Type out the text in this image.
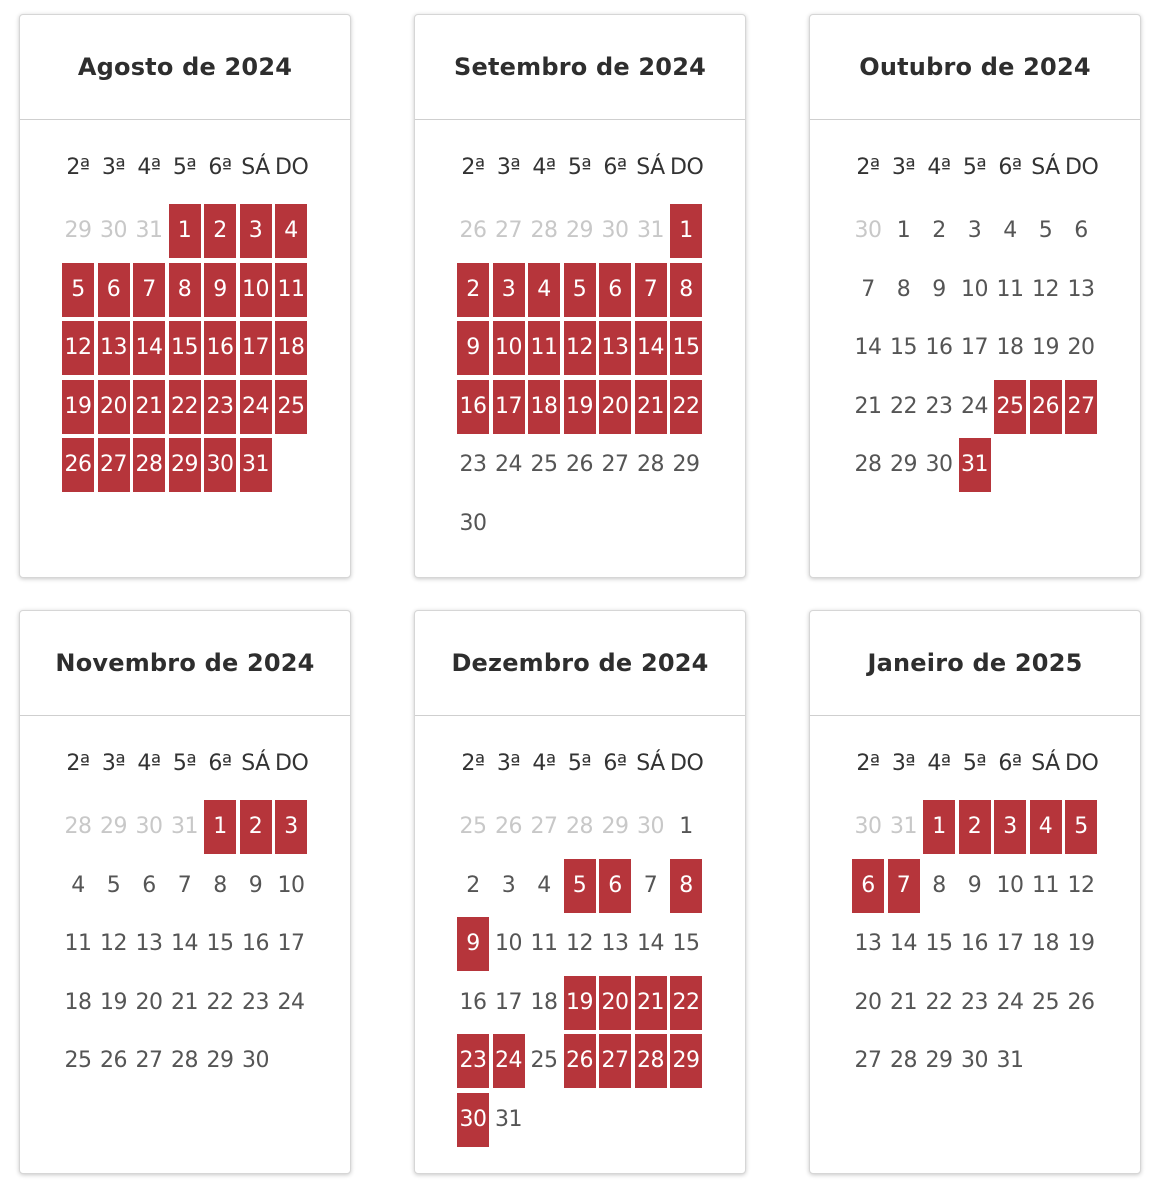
Agosto de 2024
2ª 3ª 4ª 5ª 6ª SÁ DO
29 30 31 1	2	3	4
5	6	7	8	9 10 11
12 13 14 15 16 17 18
19 20 21 22 23 24 25
26 27 28 29 30 31
Setembro de 2024
2ª 3ª 4ª 5ª 6ª SÁ DO
26 27 28 29 30 31 1
2	3	4	5	6	7	8
9 10 11 12 13 14 15
16 17 18 19 20 21 22
23 24 25 26 27 28 29
30
Outubro de 2024
2ª 3ª 4ª 5ª 6ª SÁ DO
30 1	2	3	4	5	6
7	8	9 10 11 12 13
14 15 16 17 18 19 20
21 22 23 24 25 26 27
28 29 30 31
Novembro de 2024
2ª 3ª 4ª 5ª 6ª SÁ DO
28 29 30 31 1	2	3
4	5	6	7	8	9 10
11 12 13 14 15 16 17
18 19 20 21 22 23 24
25 26 27 28 29 30
Dezembro de 2024
2ª 3ª 4ª 5ª 6ª SÁ DO
25 26 27 28 29 30 1
2	3	4	5	6	7	8
9 10 11 12 13 14 15
16 17 18 19 20 21 22
23 24 25 26 27 28 29
30 31
Janeiro de 2025
2ª 3ª 4ª 5ª 6ª SÁ DO
30 31 1	2	3	4	5
6	7	8	9 10 11 12
13 14 15 16 17 18 19
20 21 22 23 24 25 26
27 28 29 30 31
